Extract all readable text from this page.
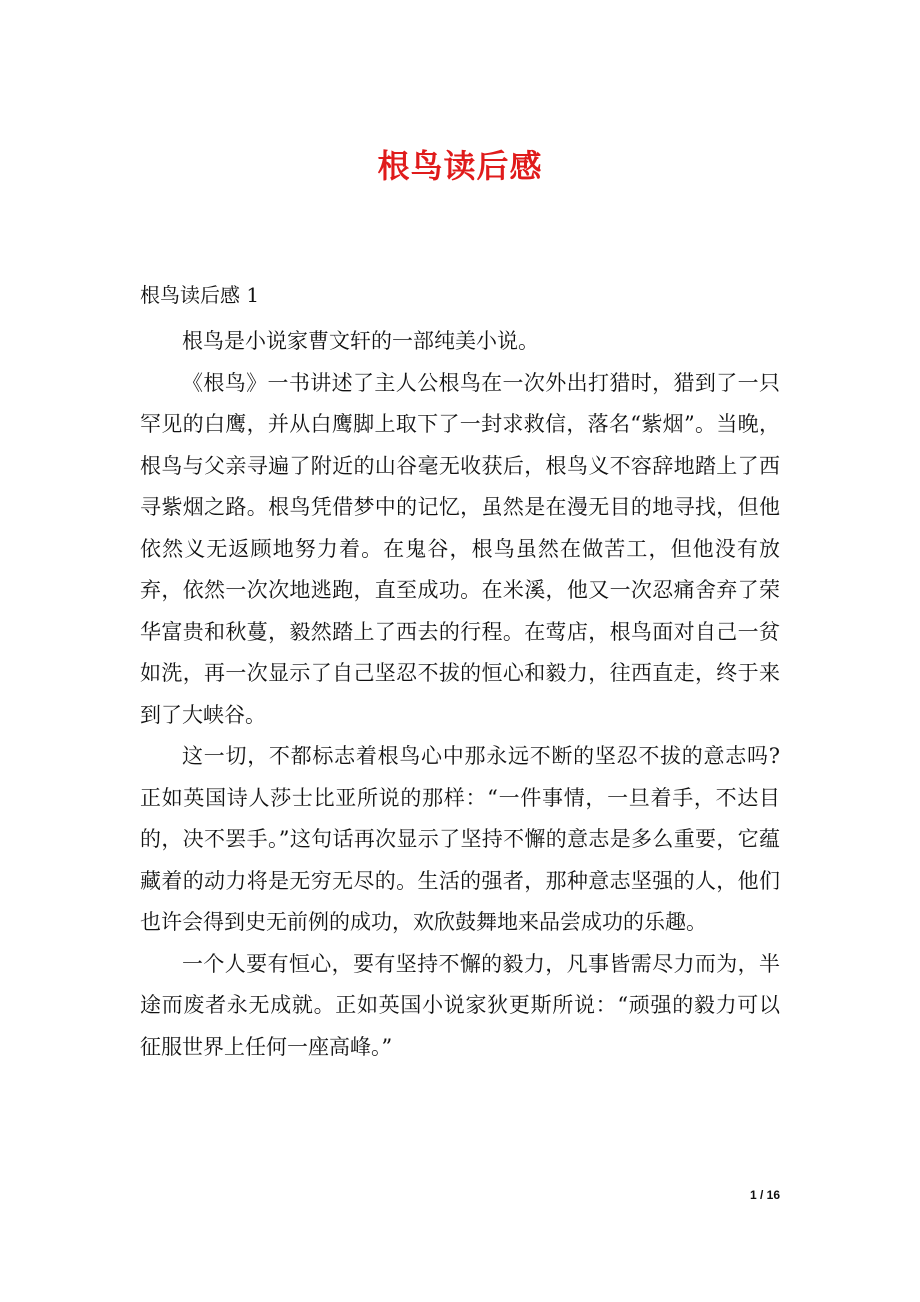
根鸟读后感
根鸟读后感 1

根鸟是小说家曹文轩的一部纯美小说。

《根鸟》一书讲述了主人公根鸟在一次外出打猎时，猎到了一只罕见的白鹰，并从白鹰脚上取下了一封求救信，落名“紫烟”。当晚，根鸟与父亲寻遍了附近的山谷毫无收获后，根鸟义不容辞地踏上了西寻紫烟之路。根鸟凭借梦中的记忆，虽然是在漫无目的地寻找，但他依然义无返顾地努力着。在鬼谷，根鸟虽然在做苦工，但他没有放弃，依然一次次地逃跑，直至成功。在米溪，他又一次忍痛舍弃了荣华富贵和秋蔓，毅然踏上了西去的行程。在莺店，根鸟面对自己一贫如洗，再一次显示了自己坚忍不拔的恒心和毅力，往西直走，终于来到了大峡谷。

这一切，不都标志着根鸟心中那永远不断的坚忍不拔的意志吗?正如英国诗人莎士比亚所说的那样：“一件事情，一旦着手，不达目的，决不罢手。”这句话再次显示了坚持不懈的意志是多么重要，它蕴藏着的动力将是无穷无尽的。生活的强者，那种意志坚强的人，他们也许会得到史无前例的成功，欢欣鼓舞地来品尝成功的乐趣。

一个人要有恒心，要有坚持不懈的毅力，凡事皆需尽力而为，半途而废者永无成就。正如英国小说家狄更斯所说：“顽强的毅力可以征服世界上任何一座高峰。”

1 / 16
